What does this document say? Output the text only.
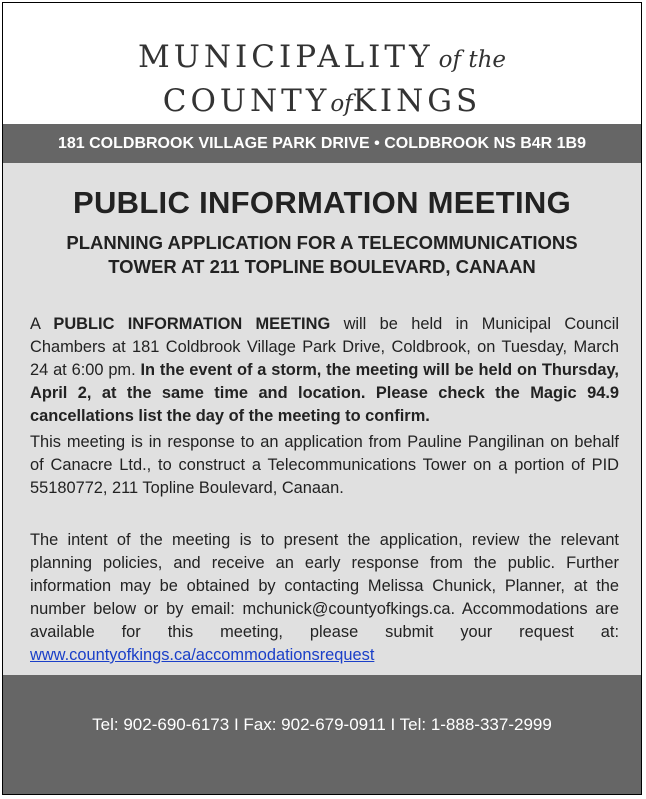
MUNICIPALITY of the
COUNTYofKINGS
181 COLDBROOK VILLAGE PARK DRIVE • COLDBROOK NS B4R 1B9
PUBLIC INFORMATION MEETING
PLANNING APPLICATION FOR A TELECOMMUNICATIONS
TOWER AT 211 TOPLINE BOULEVARD, CANAAN
A PUBLIC INFORMATION MEETING will be held in Municipal Council Chambers at 181 Coldbrook Village Park Drive, Coldbrook, on Tuesday, March 24 at 6:00 pm. In the event of a storm, the meeting will be held on Thursday, April 2, at the same time and location. Please check the Magic 94.9 cancellations list the day of the meeting to confirm.
This meeting is in response to an application from Pauline Pangilinan on behalf of Canacre Ltd., to construct a Telecommunications Tower on a portion of PID 55180772, 211 Topline Boulevard, Canaan.
The intent of the meeting is to present the application, review the relevant planning policies, and receive an early response from the public. Further information may be obtained by contacting Melissa Chunick, Planner, at the number below or by email: mchunick@countyofkings.ca. Accommodations are available for this meeting, please submit your request at: www.countyofkings.ca/accommodationsrequest
Tel: 902-690-6173 I Fax: 902-679-0911 I Tel: 1-888-337-2999
